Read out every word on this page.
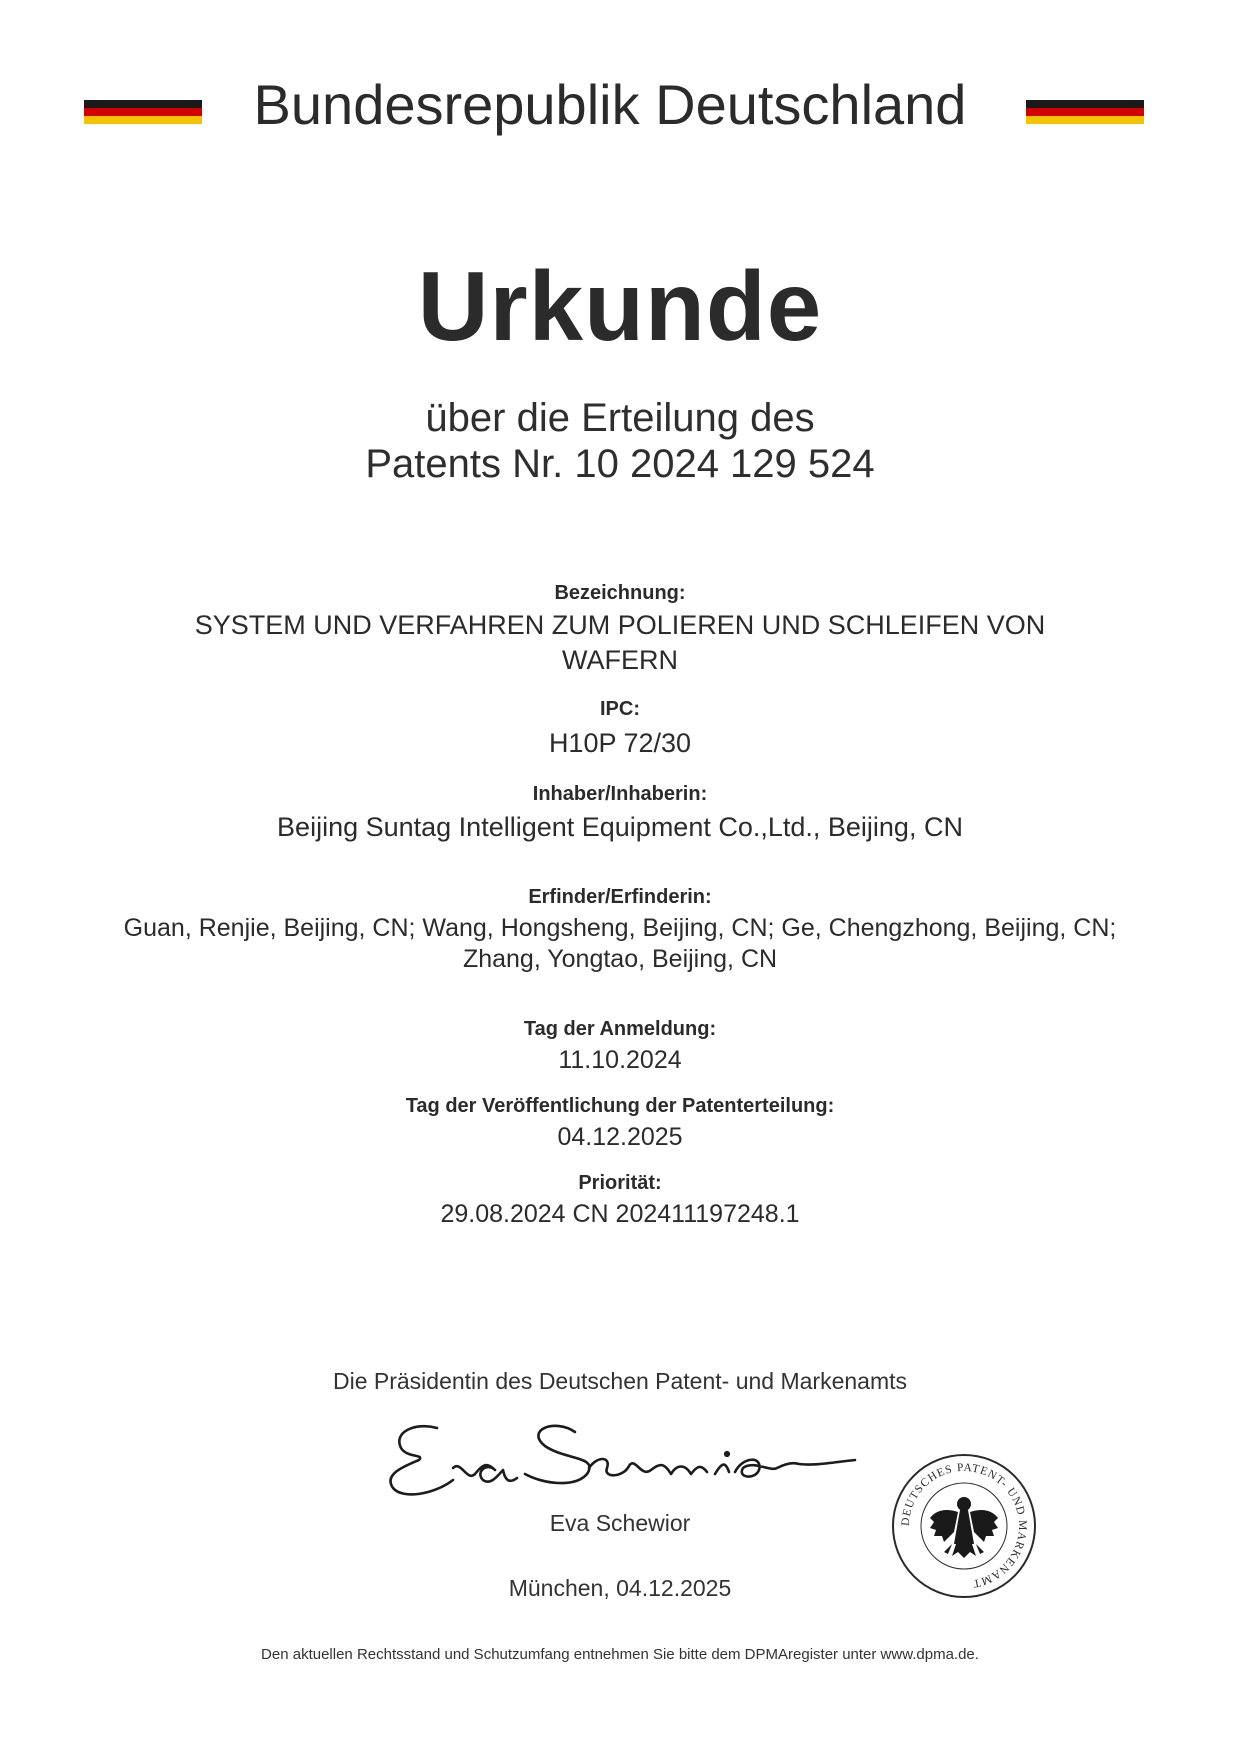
Bundesrepublik Deutschland
Urkunde
über die Erteilung des
Patents Nr. 10 2024 129 524
Bezeichnung:
SYSTEM UND VERFAHREN ZUM POLIEREN UND SCHLEIFEN VON
WAFERN
IPC:
H10P 72/30
Inhaber/Inhaberin:
Beijing Suntag Intelligent Equipment Co.,Ltd., Beijing, CN
Erfinder/Erfinderin:
Guan, Renjie, Beijing, CN; Wang, Hongsheng, Beijing, CN; Ge, Chengzhong, Beijing, CN;
Zhang, Yongtao, Beijing, CN
Tag der Anmeldung:
11.10.2024
Tag der Veröffentlichung der Patenterteilung:
04.12.2025
Priorität:
29.08.2024 CN 202411197248.1
Die Präsidentin des Deutschen Patent- und Markenamts
Eva Schewior
München, 04.12.2025
DEUTSCHES PATENT- UND MARKENAMT
Den aktuellen Rechtsstand und Schutzumfang entnehmen Sie bitte dem DPMAregister unter www.dpma.de.
